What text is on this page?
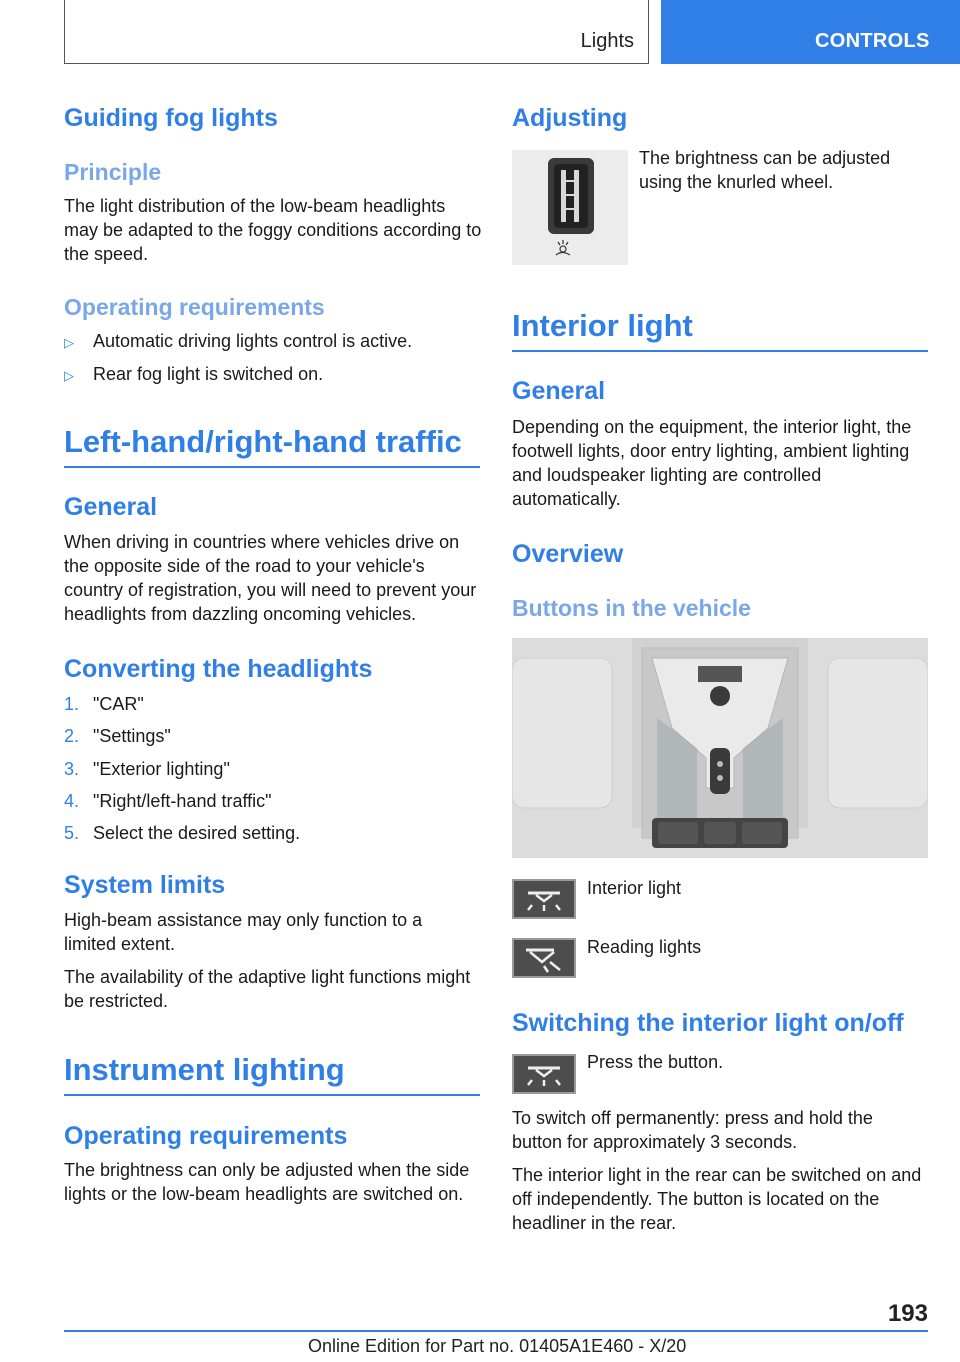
Lights	CONTROLS
Guiding fog lights
Principle
The light distribution of the low-beam headlights may be adapted to the foggy conditions according to the speed.
Operating requirements
▷ Automatic driving lights control is active.
▷ Rear fog light is switched on.
Left-hand/right-hand traffic
General
When driving in countries where vehicles drive on the opposite side of the road to your vehicle's country of registration, you will need to prevent your headlights from dazzling oncoming vehicles.
Converting the headlights
1. "CAR"
2. "Settings"
3. "Exterior lighting"
4. "Right/left-hand traffic"
5. Select the desired setting.
System limits
High-beam assistance may only function to a limited extent.
The availability of the adaptive light functions might be restricted.
Instrument lighting
Operating requirements
The brightness can only be adjusted when the side lights or the low-beam headlights are switched on.
Adjusting
The brightness can be adjusted using the knurled wheel.
Interior light
General
Depending on the equipment, the interior light, the footwell lights, door entry lighting, ambient lighting and loudspeaker lighting are controlled automatically.
Overview
Buttons in the vehicle
Interior light
Reading lights
Switching the interior light on/off
Press the button.
To switch off permanently: press and hold the button for approximately 3 seconds.
The interior light in the rear can be switched on and off independently. The button is located on the headliner in the rear.
193
Online Edition for Part no. 01405A1E460 - X/20
